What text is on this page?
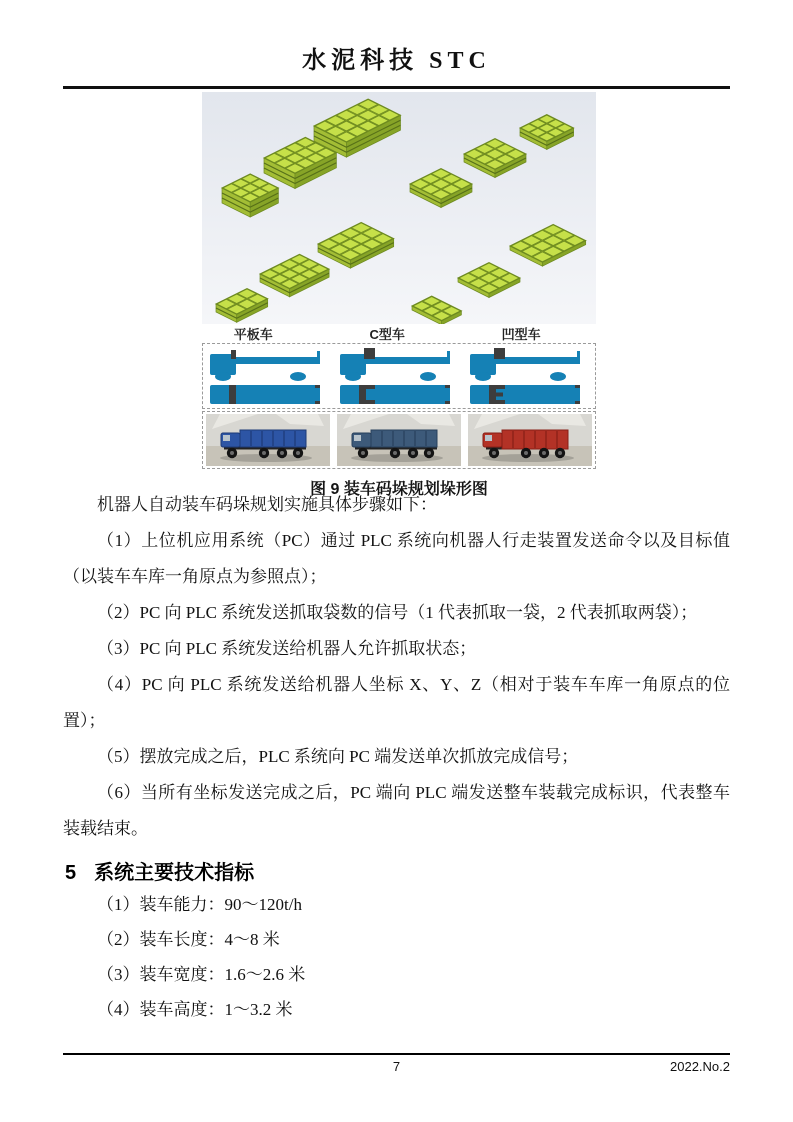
水泥科技 STC
平板车	C型车	凹型车
图 9 装车码垛规划垛形图

机器人自动装车码垛规划实施具体步骤如下：

（1）上位机应用系统（PC）通过 PLC 系统向机器人行走装置发送命令以及目标值（以装车车库一角原点为参照点）；

（2）PC 向 PLC 系统发送抓取袋数的信号（1 代表抓取一袋，2 代表抓取两袋）；

（3）PC 向 PLC 系统发送给机器人允许抓取状态；

（4）PC 向 PLC 系统发送给机器人坐标 X、Y、Z（相对于装车车库一角原点的位置）；

（5）摆放完成之后，PLC 系统向 PC 端发送单次抓放完成信号；

（6）当所有坐标发送完成之后，PC 端向 PLC 端发送整车装载完成标识，代表整车装载结束。

5 系统主要技术指标
（1）装车能力：90～120t/h
（2）装车长度：4～8 米
（3）装车宽度：1.6～2.6 米
（4）装车高度：1～3.2 米
7	2022.No.2
